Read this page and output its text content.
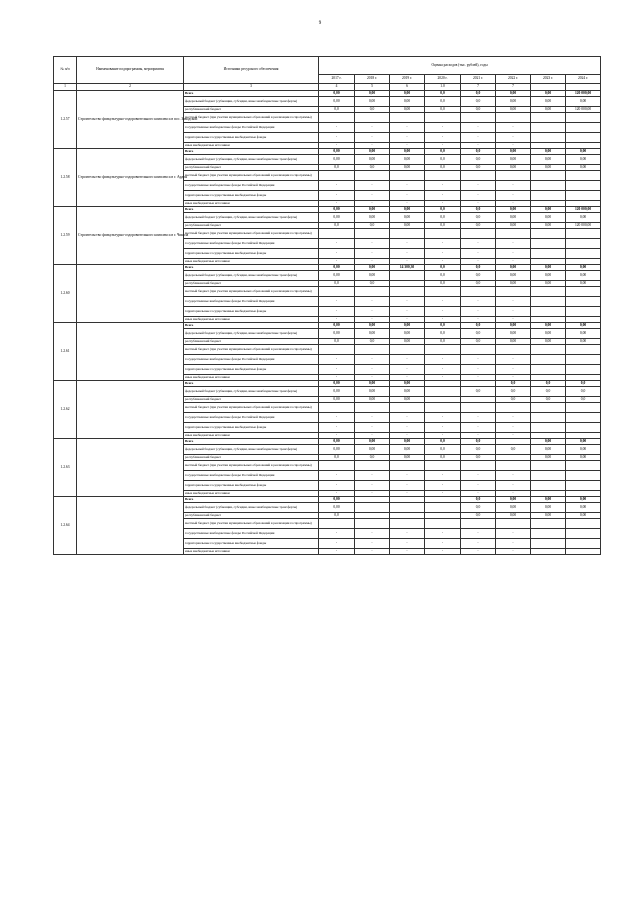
9
№ п/п	Наименование подпрограммы, мероприятия	Источники ресурсного обеспечения	Оценка расходов (тыс. рублей), годы							
			2017 г.	2018 г.	2019 г.	2020 г.	2021 г.	2022 г.	2023 г.	2024 г.
1	2	3	4	5	6	1.0	7	7		
1.2.57	Строительство физкультурно-оздоровительного комплекса в пос. Заводской	Всего	0,00	0,00	0,00	0,0	0,0	0,00	0,00	120 000,00
		федеральный бюджет (субвенции, субсидии, иные межбюджетные трансферты)	0,00	0,00	0,00	0,0	0,0	0,00	0,00	0,00
		республиканский бюджет	0,0	0,0	0,00	0,0	0,0	0,00	0,00	120 000,00
		местный бюджет (при участии муниципальных образований в реализации госпрограммы)								
		государственные внебюджетные фонды Российской Федерации	-	-	-	-	-	-		
		территориальные государственные внебюджетные фонды	-	-	-	-	-	-		
		иные внебюджетные источники	-	-	-	-	-	-		
1.2.58	Строительство физкультурно-оздоровительного комплекса в г. Ардон	Всего	0,00	0,00	0,00	0,0	0,0	0,00	0,00	0,00
		федеральный бюджет (субвенции, субсидии, иные межбюджетные трансферты)	0,00	0,00	0,00	0,0	0,0	0,00	0,00	0,00
		республиканский бюджет	0,0	0,0	0,00	0,0	0,0	0,00	0,00	0,00
		местный бюджет (при участии муниципальных образований в реализации госпрограммы)								
		государственные внебюджетные фонды Российской Федерации	-	-	-	-	-	-		
		территориальные государственные внебюджетные фонды	-	-	-	-	-	-		
		иные внебюджетные источники	-	-	-	-	-	-		
1.2.59	Строительство физкультурно-оздоровительного комплекса в г. Чикола	Всего	0,00	0,00	0,00	0,0	0,0	0,00	0,00	120 000,00
		федеральный бюджет (субвенции, субсидии, иные межбюджетные трансферты)	0,00	0,00	0,00	0,0	0,0	0,00	0,00	0,00
		республиканский бюджет	0,0	0,0	0,00	0,0	0,0	0,00	0,00	120 000,00
		местный бюджет (при участии муниципальных образований в реализации госпрограммы)								
		государственные внебюджетные фонды Российской Федерации	-	-	-	-	-	-		
		территориальные государственные внебюджетные фонды	-	-	-	-	-	-		
		иные внебюджетные источники	-	-	-	-	-	-		
1.2.60		Всего	0,00	0,00	14 300,30	0,0	0,0	0,00	0,00	0,00
		федеральный бюджет (субвенции, субсидии, иные межбюджетные трансферты)	0,00	0,00		0,0	0,0	0,00	0,00	0,00
		республиканский бюджет	0,0	0,0		0,0	0,0	0,00	0,00	0,00
		местный бюджет (при участии муниципальных образований в реализации госпрограммы)								
		государственные внебюджетные фонды Российской Федерации	-	-	-	-	-	-		
		территориальные государственные внебюджетные фонды	-	-	-	-	-	-		
		иные внебюджетные источники	-	-	-	-	-	-		
1.2.61		Всего	0,00	0,00	0,00	0,0	0,0	0,00	0,00	0,00
		федеральный бюджет (субвенции, субсидии, иные межбюджетные трансферты)	0,00	0,00	0,00	0,0	0,0	0,00	0,00	0,00
		республиканский бюджет	0,0	0,0	0,00	0,0	0,0	0,00	0,00	0,00
		местный бюджет (при участии муниципальных образований в реализации госпрограммы)								
		государственные внебюджетные фонды Российской Федерации	-	-	-	-	-	-		
		территориальные государственные внебюджетные фонды	-	-	-	-	-	-		
		иные внебюджетные источники	-	-	-	-	-	-		
1.2.62		Всего	0,00	0,00	0,00			0,0	0,0	0,0
		федеральный бюджет (субвенции, субсидии, иные межбюджетные трансферты)	0,00	0,00	0,00		0,0	0,0	0,0	0,0
		республиканский бюджет	0,00	0,00	0,00			0,0	0,0	0,0
		местный бюджет (при участии муниципальных образований в реализации госпрограммы)								
		государственные внебюджетные фонды Российской Федерации	-	-	-	-	-	-		
		территориальные государственные внебюджетные фонды	-	-	-	-	-	-		
		иные внебюджетные источники	-	-	-	-	-	-		
1.2.63		Всего	0,00	0,00	0,00	0,0	0,0		0,00	0,00
		федеральный бюджет (субвенции, субсидии, иные межбюджетные трансферты)	0,00	0,00	0,00	0,0	0,0	0,0	0,00	0,00
		республиканский бюджет	0,0	0,0	0,00	0,0	0,0		0,00	0,00
		местный бюджет (при участии муниципальных образований в реализации госпрограммы)								
		государственные внебюджетные фонды Российской Федерации	-	-	-	-	-	-		
		территориальные государственные внебюджетные фонды	-	-	-	-	-	-		
		иные внебюджетные источники	-	-	-	-	-	-		
1.2.64		Всего	0,00				0,0	0,00	0,00	0,00
		федеральный бюджет (субвенции, субсидии, иные межбюджетные трансферты)	0,00				0,0	0,00	0,00	0,00
		республиканский бюджет	0,0				0,0	0,00	0,00	0,00
		местный бюджет (при участии муниципальных образований в реализации госпрограммы)								
		государственные внебюджетные фонды Российской Федерации	-	-	-	-	-	-		
		территориальные государственные внебюджетные фонды	-	-	-	-	-	-		
		иные внебюджетные источники	-	-	-	-	-	-		
